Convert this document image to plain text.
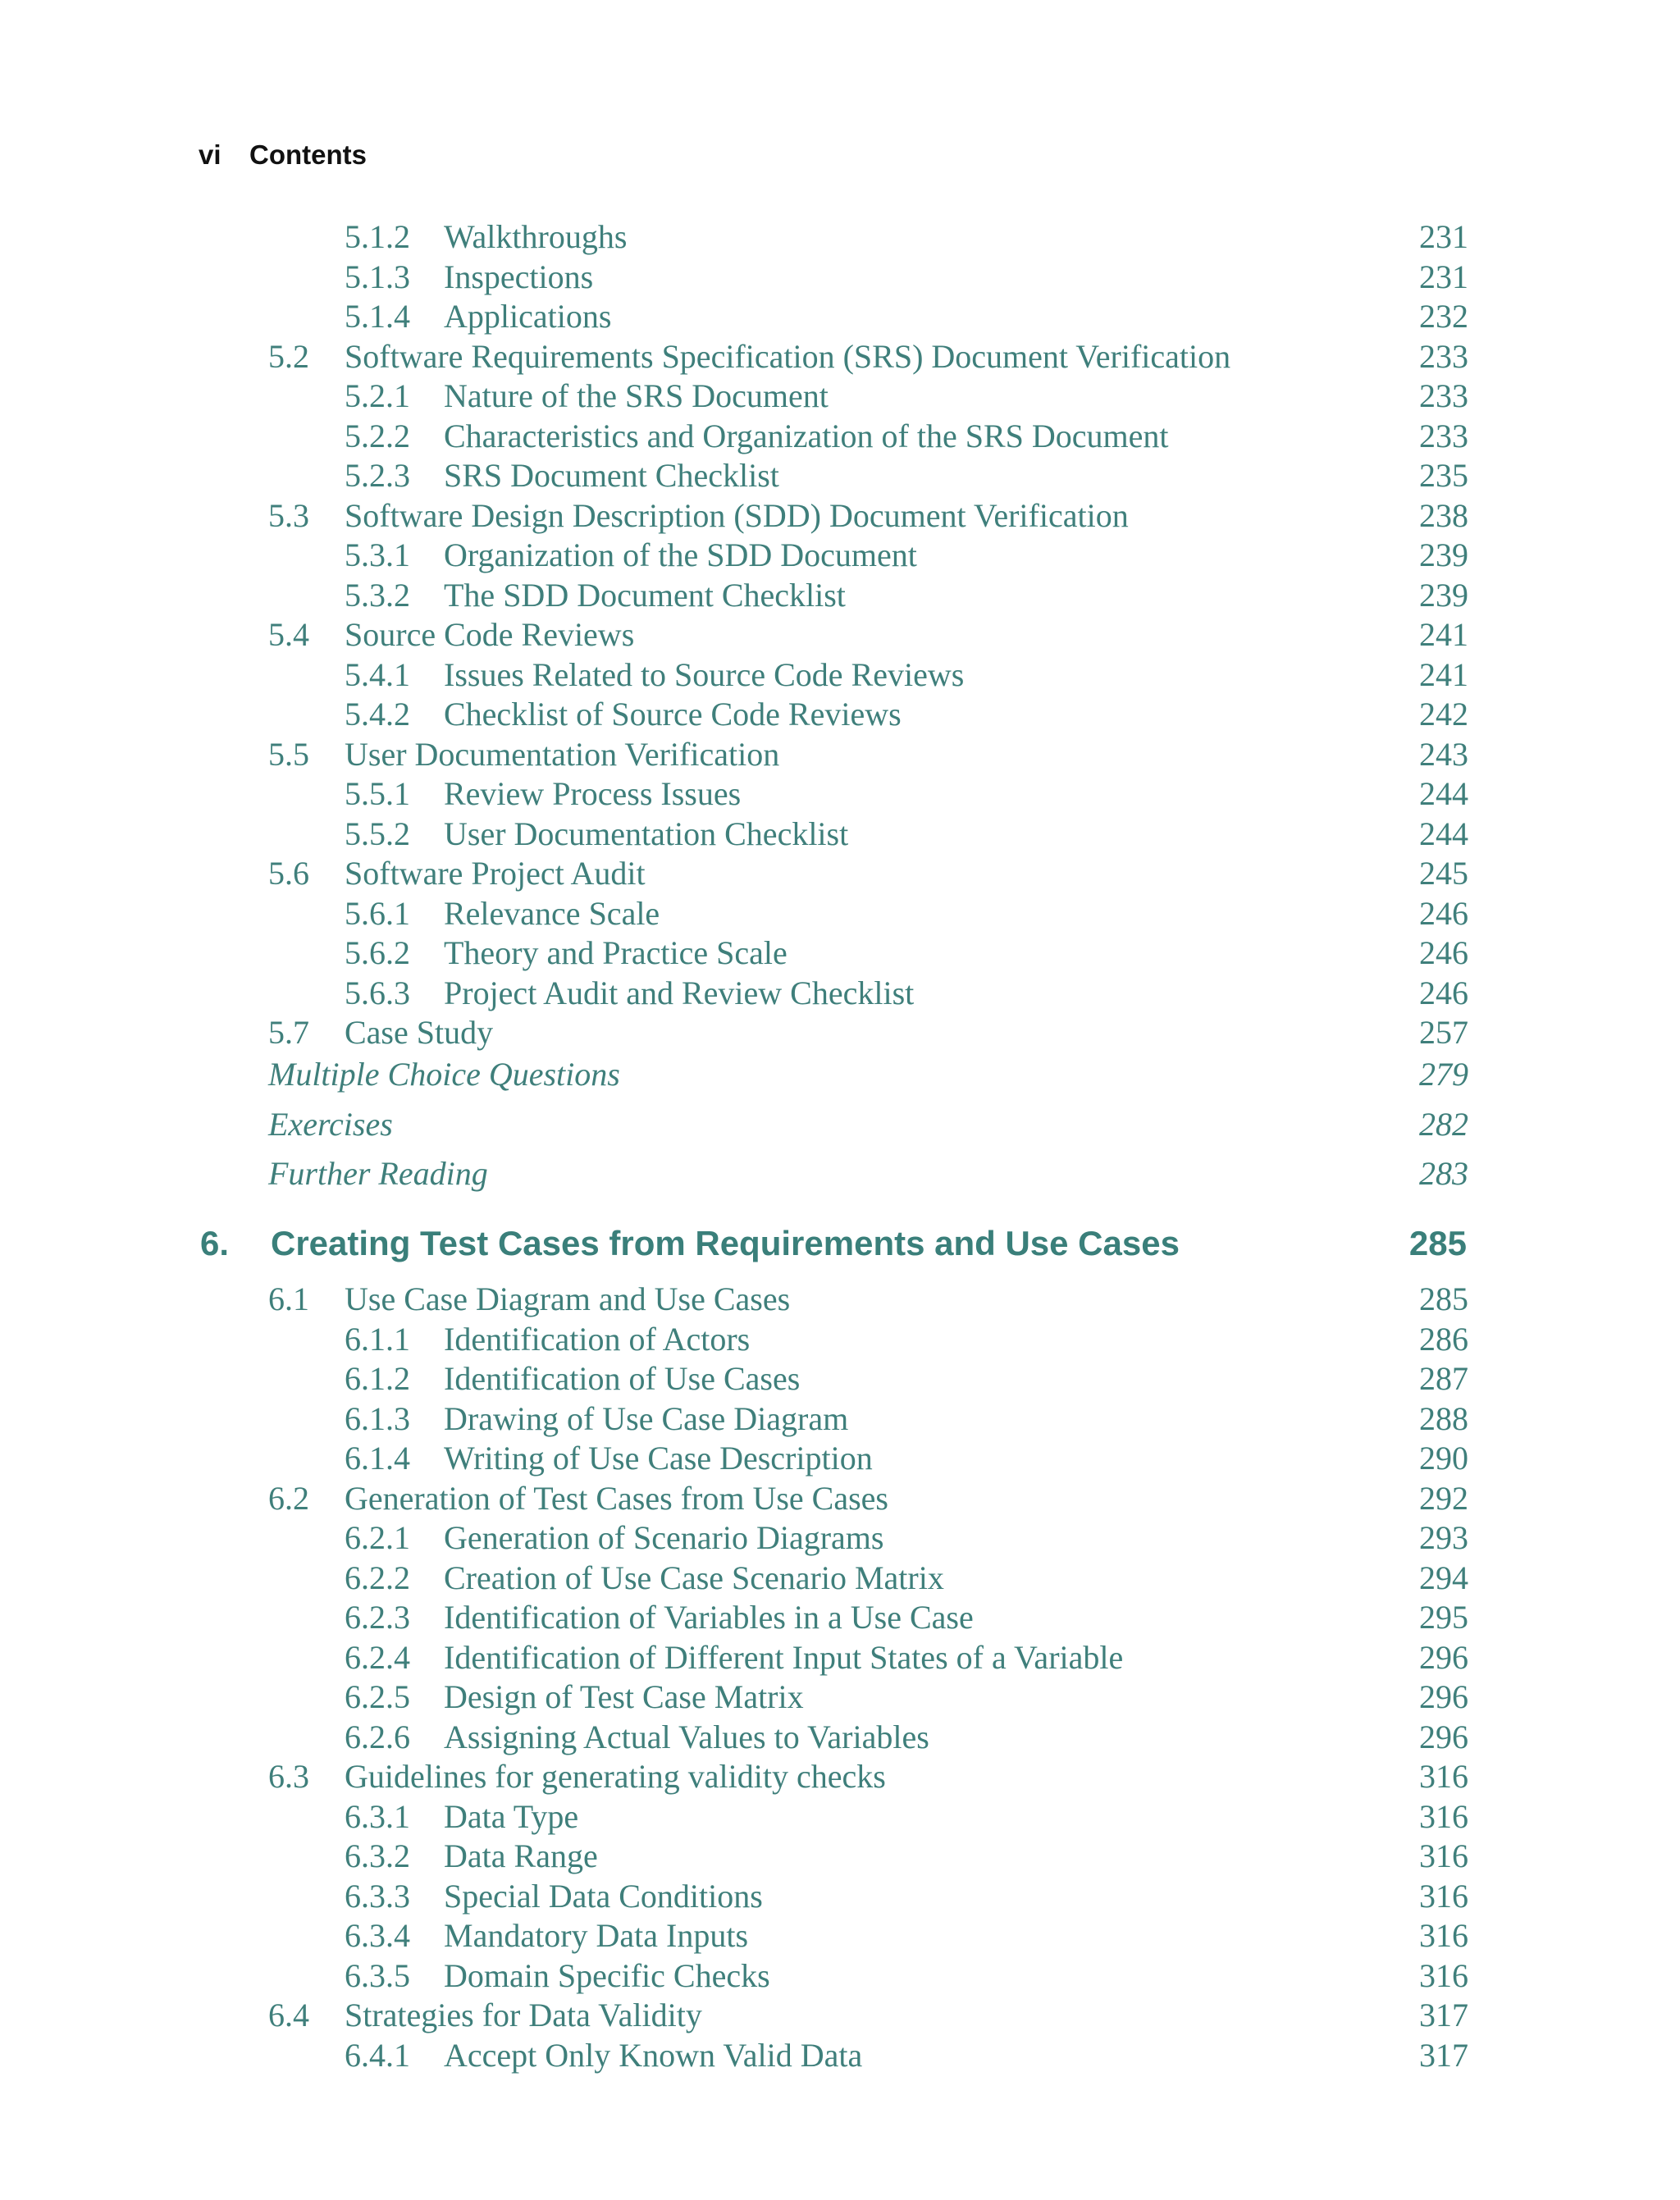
vi Contents
5.1.2 Walkthroughs	231
5.1.3 Inspections	231
5.1.4 Applications	232
5.2 Software Requirements Specification (SRS) Document Verification	233
5.2.1 Nature of the SRS Document	233
5.2.2 Characteristics and Organization of the SRS Document	233
5.2.3 SRS Document Checklist	235
5.3 Software Design Description (SDD) Document Verification	238
5.3.1 Organization of the SDD Document	239
5.3.2 The SDD Document Checklist	239
5.4 Source Code Reviews	241
5.4.1 Issues Related to Source Code Reviews	241
5.4.2 Checklist of Source Code Reviews	242
5.5 User Documentation Verification	243
5.5.1 Review Process Issues	244
5.5.2 User Documentation Checklist	244
5.6 Software Project Audit	245
5.6.1 Relevance Scale	246
5.6.2 Theory and Practice Scale	246
5.6.3 Project Audit and Review Checklist	246
5.7 Case Study	257
Multiple Choice Questions	279
Exercises	282
Further Reading	283
6. Creating Test Cases from Requirements and Use Cases	285
6.1 Use Case Diagram and Use Cases	285
6.1.1 Identification of Actors	286
6.1.2 Identification of Use Cases	287
6.1.3 Drawing of Use Case Diagram	288
6.1.4 Writing of Use Case Description	290
6.2 Generation of Test Cases from Use Cases	292
6.2.1 Generation of Scenario Diagrams	293
6.2.2 Creation of Use Case Scenario Matrix	294
6.2.3 Identification of Variables in a Use Case	295
6.2.4 Identification of Different Input States of a Variable	296
6.2.5 Design of Test Case Matrix	296
6.2.6 Assigning Actual Values to Variables	296
6.3 Guidelines for generating validity checks	316
6.3.1 Data Type	316
6.3.2 Data Range	316
6.3.3 Special Data Conditions	316
6.3.4 Mandatory Data Inputs	316
6.3.5 Domain Specific Checks	316
6.4 Strategies for Data Validity	317
6.4.1 Accept Only Known Valid Data	317
